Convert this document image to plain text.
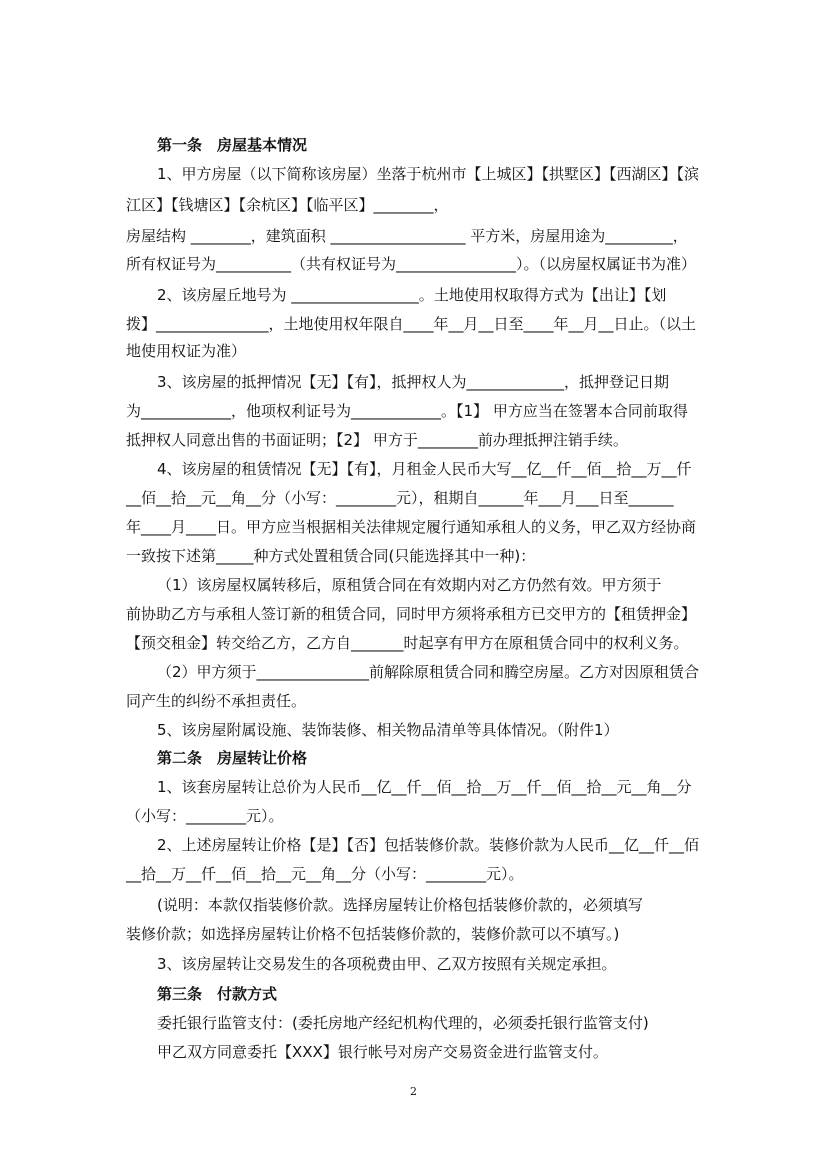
第一条　房屋基本情况
1、甲方房屋（以下简称该房屋）坐落于杭州市【上城区】【拱墅区】【西湖区】【滨
江区】【钱塘区】【余杭区】【临平区】________，
房屋结构 ________，建筑面积 __________________ 平方米，房屋用途为_________，
所有权证号为__________（共有权证号为________________）。（以房屋权属证书为准）
2、该房屋丘地号为 _________________。土地使用权取得方式为【出让】【划
拨】_______________，土地使用权年限自____年__月__日至____年__月__日止。（以土
地使用权证为准）
3、该房屋的抵押情况【无】【有】，抵押权人为_____________，抵押登记日期
为____________，他项权利证号为____________。【1】 甲方应当在签署本合同前取得
抵押权人同意出售的书面证明；【2】 甲方于________前办理抵押注销手续。
4、该房屋的租赁情况【无】【有】，月租金人民币大写__亿__仟__佰__拾__万__仟
__佰__拾__元__角__分（小写：________元），租期自______年___月___日至______
年____月____日。甲方应当根据相关法律规定履行通知承租人的义务，甲乙双方经协商
一致按下述第_____种方式处置租赁合同(只能选择其中一种)：
（1）该房屋权属转移后，原租赁合同在有效期内对乙方仍然有效。甲方须于
前协助乙方与承租人签订新的租赁合同，同时甲方须将承租方已交甲方的【租赁押金】
【预交租金】转交给乙方，乙方自_______时起享有甲方在原租赁合同中的权利义务。
（2）甲方须于_______________前解除原租赁合同和腾空房屋。乙方对因原租赁合
同产生的纠纷不承担责任。
5、该房屋附属设施、装饰装修、相关物品清单等具体情况。（附件1）
第二条　房屋转让价格
1、该套房屋转让总价为人民币__亿__仟__佰__拾__万__仟__佰__拾__元__角__分
（小写：________元）。
2、上述房屋转让价格【是】【否】包括装修价款。装修价款为人民币__亿__仟__佰
__拾__万__仟__佰__拾__元__角__分（小写：________元）。
(说明：本款仅指装修价款。选择房屋转让价格包括装修价款的，必须填写
装修价款；如选择房屋转让价格不包括装修价款的，装修价款可以不填写。)
3、该房屋转让交易发生的各项税费由甲、乙双方按照有关规定承担。
第三条　付款方式
委托银行监管支付：(委托房地产经纪机构代理的，必须委托银行监管支付)
甲乙双方同意委托【XXX】银行帐号对房产交易资金进行监管支付。
2
